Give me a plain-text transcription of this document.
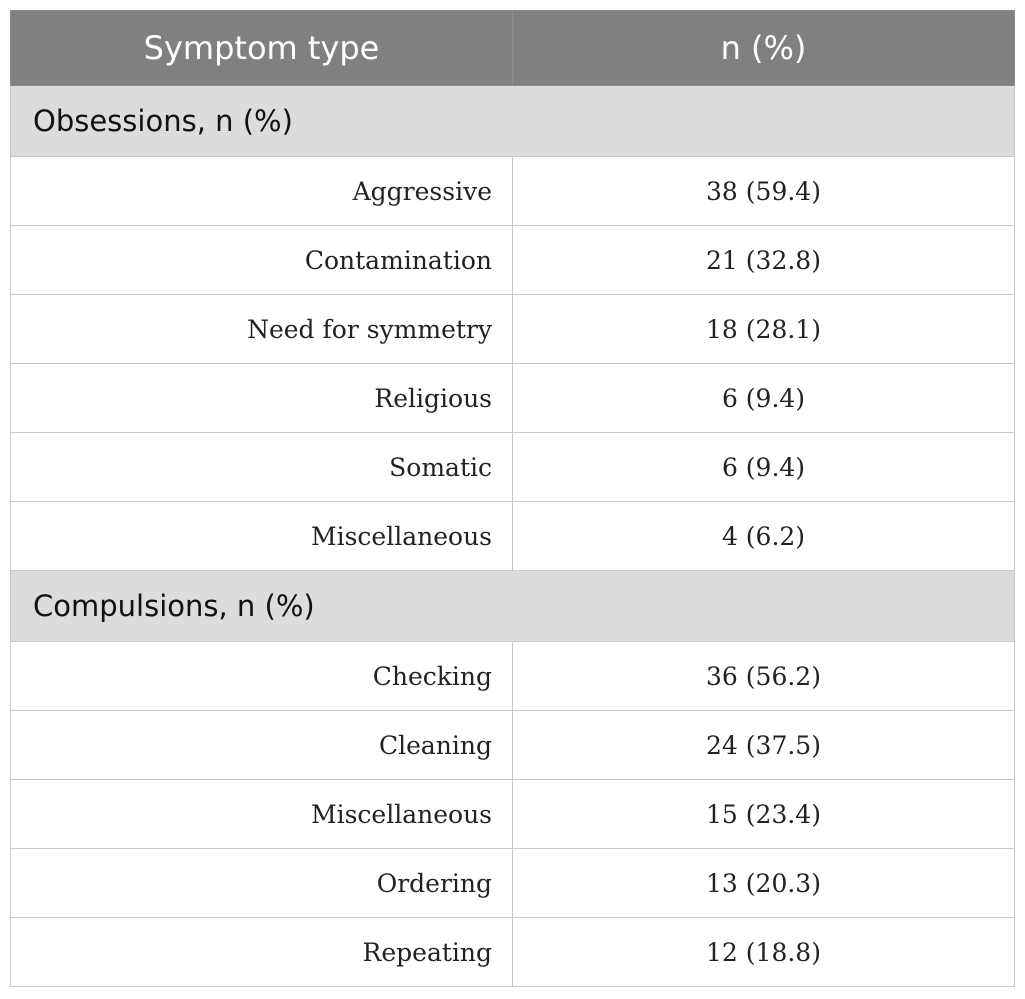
Symptom type	n (%)
Obsessions, n (%)	
Aggressive	38 (59.4)
Contamination	21 (32.8)
Need for symmetry	18 (28.1)
Religious	6 (9.4)
Somatic	6 (9.4)
Miscellaneous	4 (6.2)
Compulsions, n (%)	
Checking	36 (56.2)
Cleaning	24 (37.5)
Miscellaneous	15 (23.4)
Ordering	13 (20.3)
Repeating	12 (18.8)
